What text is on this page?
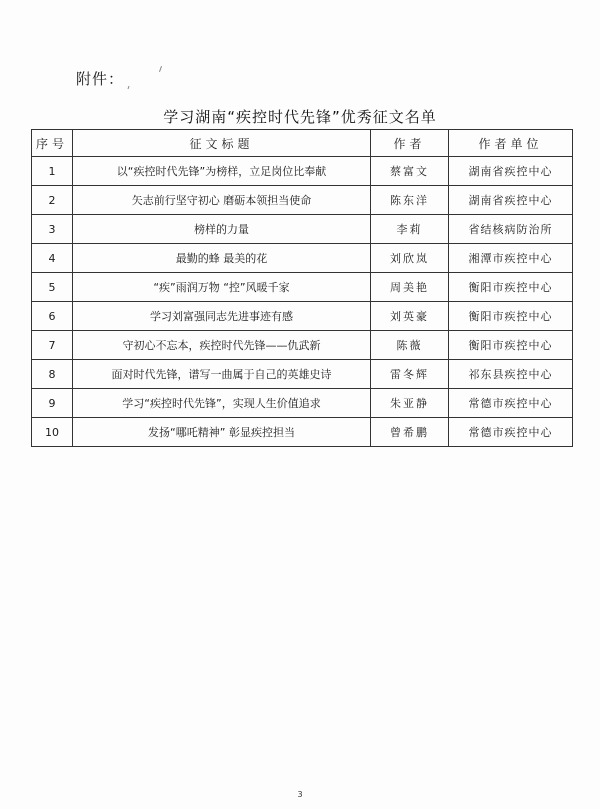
附件：
学习湖南“疾控时代先锋”优秀征文名单
序号	征文标题	作者	作者单位
1	以“疾控时代先锋”为榜样，立足岗位比奉献	蔡富文	湖南省疾控中心
2	矢志前行坚守初心 磨砺本领担当使命	陈东洋	湖南省疾控中心
3	榜样的力量	李莉	省结核病防治所
4	最勤的蜂 最美的花	刘欣岚	湘潭市疾控中心
5	“疾”雨润万物 “控”风暖千家	周美艳	衡阳市疾控中心
6	学习刘富强同志先进事迹有感	刘英豪	衡阳市疾控中心
7	守初心不忘本，疾控时代先锋——仇武新	陈薇	衡阳市疾控中心
8	面对时代先锋，谱写一曲属于自己的英雄史诗	雷冬辉	祁东县疾控中心
9	学习“疾控时代先锋”，实现人生价值追求	朱亚静	常德市疾控中心
10	发扬“哪吒精神” 彰显疾控担当	曾希鹏	常德市疾控中心
3
